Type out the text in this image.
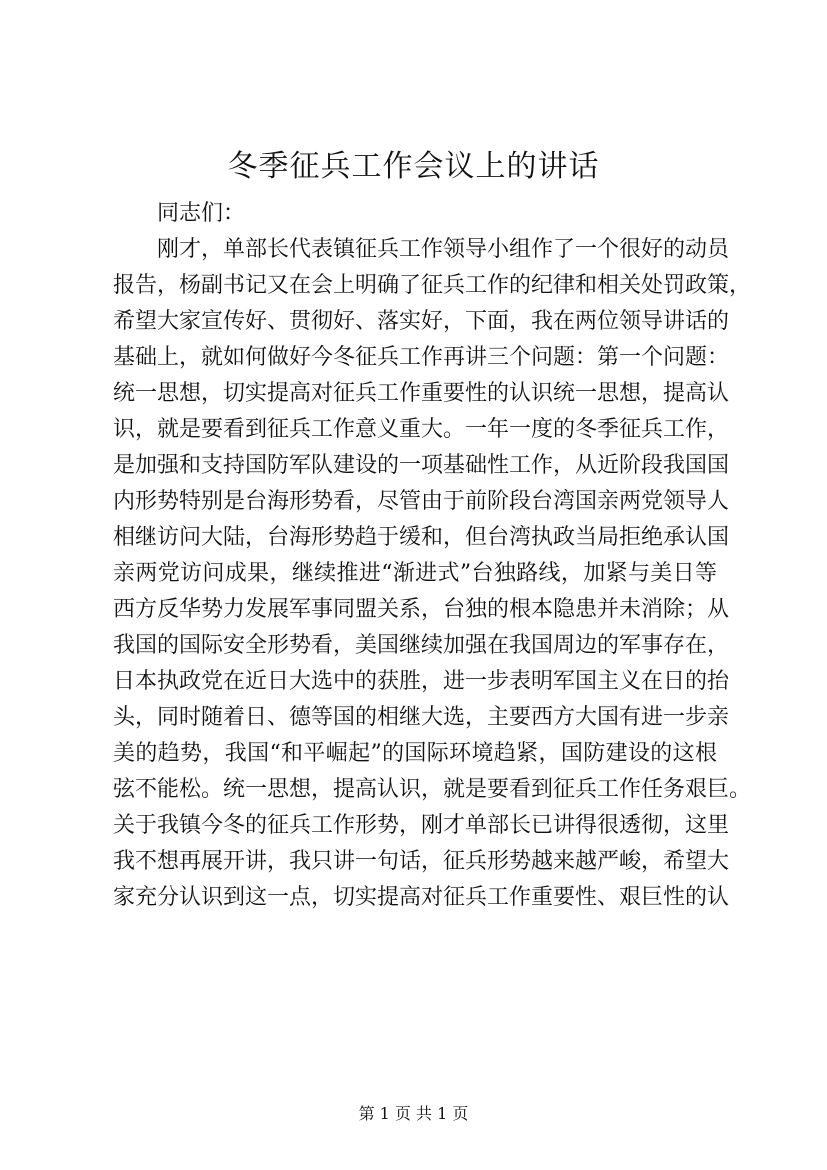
冬季征兵工作会议上的讲话
同志们：
刚才，单部长代表镇征兵工作领导小组作了一个很好的动员
报告，杨副书记又在会上明确了征兵工作的纪律和相关处罚政策，
希望大家宣传好、贯彻好、落实好，下面，我在两位领导讲话的
基础上，就如何做好今冬征兵工作再讲三个问题：第一个问题：
统一思想，切实提高对征兵工作重要性的认识统一思想，提高认
识，就是要看到征兵工作意义重大。一年一度的冬季征兵工作，
是加强和支持国防军队建设的一项基础性工作，从近阶段我国国
内形势特别是台海形势看，尽管由于前阶段台湾国亲两党领导人
相继访问大陆，台海形势趋于缓和，但台湾执政当局拒绝承认国
亲两党访问成果，继续推进“渐进式”台独路线，加紧与美日等
西方反华势力发展军事同盟关系，台独的根本隐患并未消除；从
我国的国际安全形势看，美国继续加强在我国周边的军事存在，
日本执政党在近日大选中的获胜，进一步表明军国主义在日的抬
头，同时随着日、德等国的相继大选，主要西方大国有进一步亲
美的趋势，我国“和平崛起”的国际环境趋紧，国防建设的这根
弦不能松。统一思想，提高认识，就是要看到征兵工作任务艰巨。
关于我镇今冬的征兵工作形势，刚才单部长已讲得很透彻，这里
我不想再展开讲，我只讲一句话，征兵形势越来越严峻，希望大
家充分认识到这一点，切实提高对征兵工作重要性、艰巨性的认
第 1 页 共 1 页
